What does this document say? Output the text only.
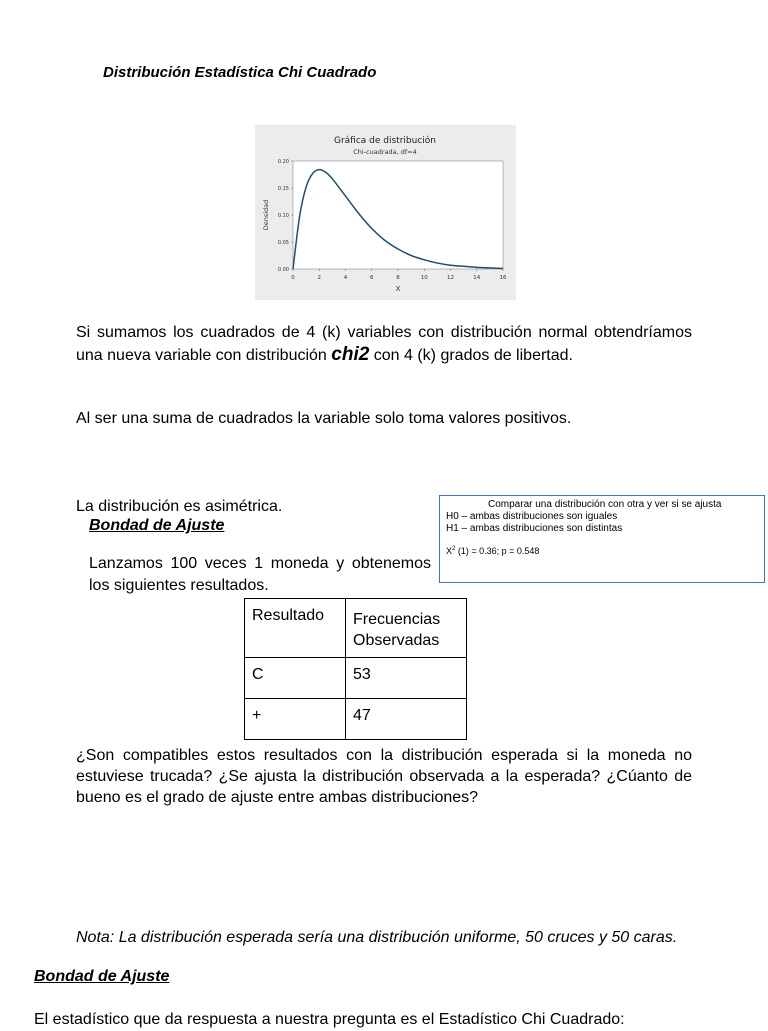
Distribución Estadística Chi Cuadrado
Gráfica de distribución
Chi-cuadrada, df=4
Densidad
X
0	2	4	6	8	10	12	14	16
0.00
0.05
0.10
0.15
0.20
Si sumamos los cuadrados de 4 (k) variables con distribución normal obtendríamos una nueva variable con distribución chi2 con 4 (k) grados de libertad.
Al ser una suma de cuadrados la variable solo toma valores positivos.
La distribución es asimétrica.
Bondad de Ajuste
Lanzamos 100 veces 1 moneda y obtenemos los siguientes resultados.
Comparar una distribución con otra y ver si se ajusta
H0 – ambas distribuciones son iguales
H1 – ambas distribuciones son distintas
$X^2$ (1) = 0.36; p = 0.548
Resultado	Frecuencias Observadas
C	53
+	47
¿Son compatibles estos resultados con la distribución esperada si la moneda no estuviese trucada? ¿Se ajusta la distribución observada a la esperada? ¿Cúanto de bueno es el grado de ajuste entre ambas distribuciones?
Nota: La distribución esperada sería una distribución uniforme, 50 cruces y 50 caras.
Bondad de Ajuste
El estadístico que da respuesta a nuestra pregunta es el Estadístico Chi Cuadrado:
